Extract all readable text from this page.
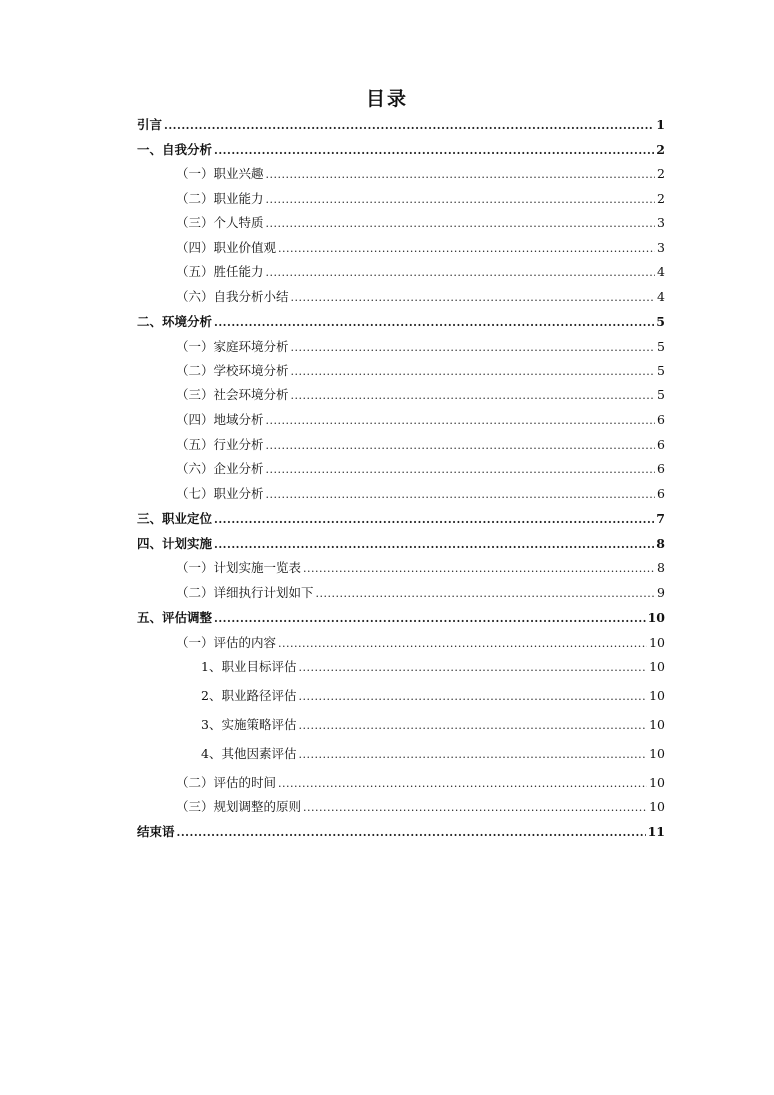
目录
引言 .....	1
一、自我分析 .....	2
（一）职业兴趣 .....	2
（二）职业能力 .....	2
（三）个人特质 .....	3
（四）职业价值观 .....	3
（五）胜任能力 .....	4
（六）自我分析小结 .....	4
二、环境分析 .....	5
（一）家庭环境分析 .....	5
（二）学校环境分析 .....	5
（三）社会环境分析 .....	5
（四）地域分析 .....	6
（五）行业分析 .....	6
（六）企业分析 .....	6
（七）职业分析 .....	6
三、职业定位 .....	7
四、计划实施 .....	8
（一）计划实施一览表 .....	8
（二）详细执行计划如下 .....	9
五、评估调整 .....	10
（一）评估的内容 .....	10
1、职业目标评估 .....	10
2、职业路径评估 .....	10
3、实施策略评估 .....	10
4、其他因素评估 .....	10
（二）评估的时间 .....	10
（三）规划调整的原则 .....	10
结束语 .....	11
